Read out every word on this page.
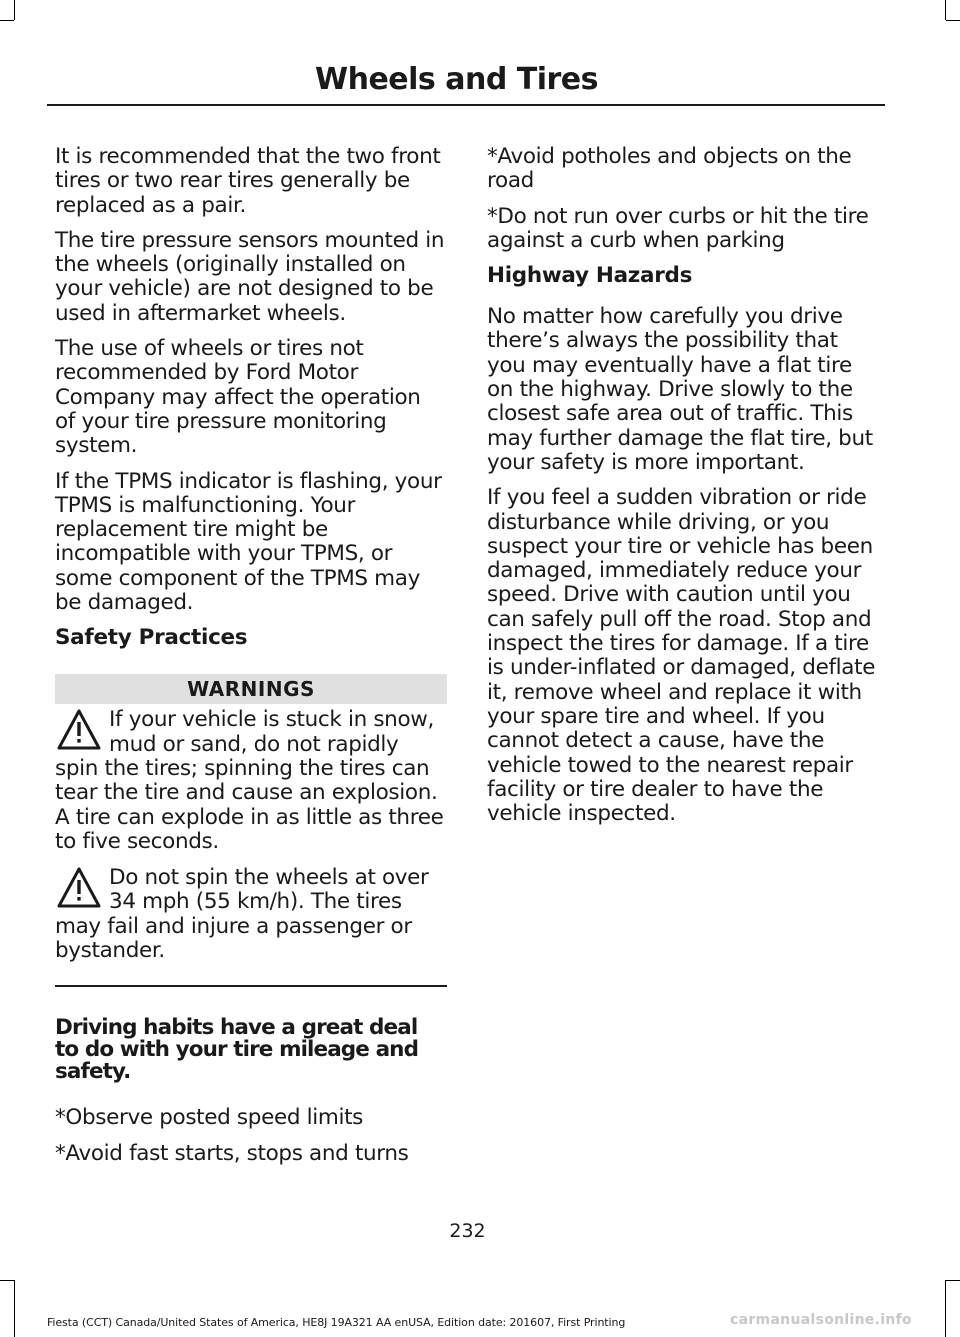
Wheels and Tires

It is recommended that the two front tires or two rear tires generally be replaced as a pair.

The tire pressure sensors mounted in the wheels (originally installed on your vehicle) are not designed to be used in aftermarket wheels.

The use of wheels or tires not recommended by Ford Motor Company may affect the operation of your tire pressure monitoring system.

If the TPMS indicator is flashing, your TPMS is malfunctioning. Your replacement tire might be incompatible with your TPMS, or some component of the TPMS may be damaged.

Safety Practices
WARNINGS
If your vehicle is stuck in snow, mud or sand, do not rapidly spin the tires; spinning the tires can tear the tire and cause an explosion. A tire can explode in as little as three to five seconds.
Do not spin the wheels at over 34 mph (55 km/h). The tires may fail and injure a passenger or bystander.
Driving habits have a great deal to do with your tire mileage and safety.

*Observe posted speed limits

*Avoid fast starts, stops and turns

*Avoid potholes and objects on the road

*Do not run over curbs or hit the tire against a curb when parking

Highway Hazards

No matter how carefully you drive there’s always the possibility that you may eventually have a flat tire on the highway. Drive slowly to the closest safe area out of traffic. This may further damage the flat tire, but your safety is more important.

If you feel a sudden vibration or ride disturbance while driving, or you suspect your tire or vehicle has been damaged, immediately reduce your speed. Drive with caution until you can safely pull off the road. Stop and inspect the tires for damage. If a tire is under-inflated or damaged, deflate it, remove wheel and replace it with your spare tire and wheel. If you cannot detect a cause, have the vehicle towed to the nearest repair facility or tire dealer to have the vehicle inspected.

232
Fiesta (CCT) Canada/United States of America, HE8J 19A321 AA enUSA, Edition date: 201607, First Printing	carmanualsonline.info
